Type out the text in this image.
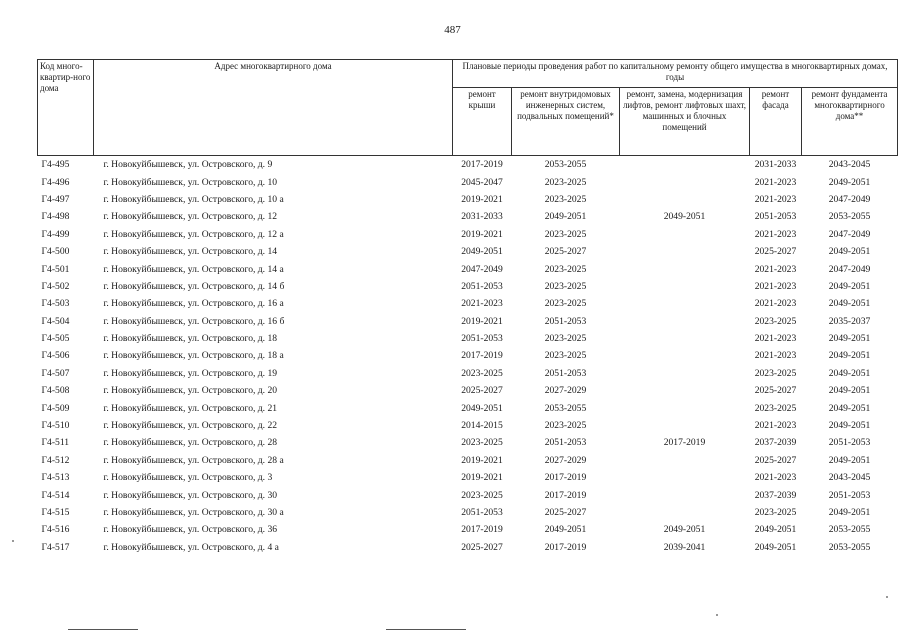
487
Код много-квартир-ного дома	Адрес многоквартирного дома	Плановые периоды проведения работ по капитальному ремонту общего имущества в многоквартирных домах, годы				
		ремонт крыши	ремонт внутридомовых инженерных систем, подвальных помещений*	ремонт, замена, модернизация лифтов, ремонт лифтовых шахт, машинных и блочных помещений	ремонт фасада	ремонт фундамента многоквартирного дома**
Г4-495	г. Новокуйбышевск, ул. Островского, д. 9	2017-2019	2053-2055		2031-2033	2043-2045
Г4-496	г. Новокуйбышевск, ул. Островского, д. 10	2045-2047	2023-2025		2021-2023	2049-2051
Г4-497	г. Новокуйбышевск, ул. Островского, д. 10 а	2019-2021	2023-2025		2021-2023	2047-2049
Г4-498	г. Новокуйбышевск, ул. Островского, д. 12	2031-2033	2049-2051	2049-2051	2051-2053	2053-2055
Г4-499	г. Новокуйбышевск, ул. Островского, д. 12 а	2019-2021	2023-2025		2021-2023	2047-2049
Г4-500	г. Новокуйбышевск, ул. Островского, д. 14	2049-2051	2025-2027		2025-2027	2049-2051
Г4-501	г. Новокуйбышевск, ул. Островского, д. 14 а	2047-2049	2023-2025		2021-2023	2047-2049
Г4-502	г. Новокуйбышевск, ул. Островского, д. 14 б	2051-2053	2023-2025		2021-2023	2049-2051
Г4-503	г. Новокуйбышевск, ул. Островского, д. 16 а	2021-2023	2023-2025		2021-2023	2049-2051
Г4-504	г. Новокуйбышевск, ул. Островского, д. 16 б	2019-2021	2051-2053		2023-2025	2035-2037
Г4-505	г. Новокуйбышевск, ул. Островского, д. 18	2051-2053	2023-2025		2021-2023	2049-2051
Г4-506	г. Новокуйбышевск, ул. Островского, д. 18 а	2017-2019	2023-2025		2021-2023	2049-2051
Г4-507	г. Новокуйбышевск, ул. Островского, д. 19	2023-2025	2051-2053		2023-2025	2049-2051
Г4-508	г. Новокуйбышевск, ул. Островского, д. 20	2025-2027	2027-2029		2025-2027	2049-2051
Г4-509	г. Новокуйбышевск, ул. Островского, д. 21	2049-2051	2053-2055		2023-2025	2049-2051
Г4-510	г. Новокуйбышевск, ул. Островского, д. 22	2014-2015	2023-2025		2021-2023	2049-2051
Г4-511	г. Новокуйбышевск, ул. Островского, д. 28	2023-2025	2051-2053	2017-2019	2037-2039	2051-2053
Г4-512	г. Новокуйбышевск, ул. Островского, д. 28 а	2019-2021	2027-2029		2025-2027	2049-2051
Г4-513	г. Новокуйбышевск, ул. Островского, д. 3	2019-2021	2017-2019		2021-2023	2043-2045
Г4-514	г. Новокуйбышевск, ул. Островского, д. 30	2023-2025	2017-2019		2037-2039	2051-2053
Г4-515	г. Новокуйбышевск, ул. Островского, д. 30 а	2051-2053	2025-2027		2023-2025	2049-2051
Г4-516	г. Новокуйбышевск, ул. Островского, д. 36	2017-2019	2049-2051	2049-2051	2049-2051	2053-2055
Г4-517	г. Новокуйбышевск, ул. Островского, д. 4 а	2025-2027	2017-2019	2039-2041	2049-2051	2053-2055
